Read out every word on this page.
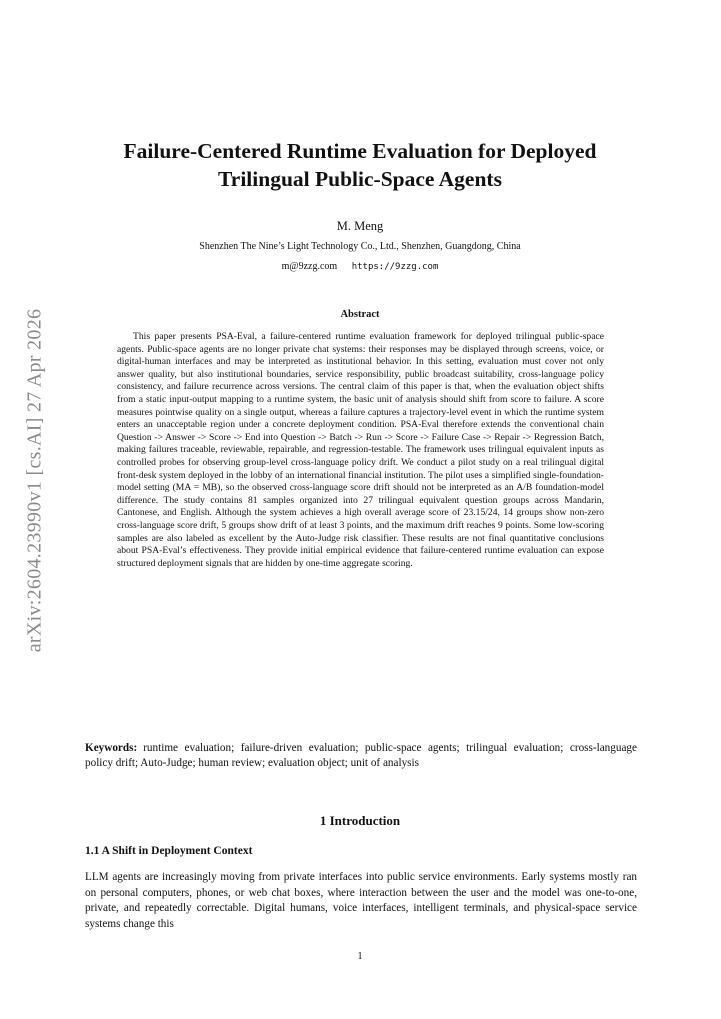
arXiv:2604.23990v1 [cs.AI] 27 Apr 2026
Failure-Centered Runtime Evaluation for Deployed Trilingual Public-Space Agents
M. Meng
Shenzhen The Nine’s Light Technology Co., Ltd., Shenzhen, Guangdong, China
m@9zzg.com https://9zzg.com
Abstract

This paper presents PSA-Eval, a failure-centered runtime evaluation framework for deployed trilingual public-space agents. Public-space agents are no longer private chat systems: their responses may be displayed through screens, voice, or digital-human interfaces and may be interpreted as institutional behavior. In this setting, evaluation must cover not only answer quality, but also institutional boundaries, service responsibility, public broadcast suitability, cross-language policy consistency, and failure recurrence across versions. The central claim of this paper is that, when the evaluation object shifts from a static input-output mapping to a runtime system, the basic unit of analysis should shift from score to failure. A score measures pointwise quality on a single output, whereas a failure captures a trajectory-level event in which the runtime system enters an unacceptable region under a concrete deployment condition. PSA-Eval therefore extends the conventional chain Question -> Answer -> Score -> End into Question -> Batch -> Run -> Score -> Failure Case -> Repair -> Regression Batch, making failures traceable, reviewable, repairable, and regression-testable. The framework uses trilingual equivalent inputs as controlled probes for observing group-level cross-language policy drift. We conduct a pilot study on a real trilingual digital front-desk system deployed in the lobby of an international financial institution. The pilot uses a simplified single-foundation-model setting (MA = MB), so the observed cross-language score drift should not be interpreted as an A/B foundation-model difference. The study contains 81 samples organized into 27 trilingual equivalent question groups across Mandarin, Cantonese, and English. Although the system achieves a high overall average score of 23.15/24, 14 groups show non-zero cross-language score drift, 5 groups show drift of at least 3 points, and the maximum drift reaches 9 points. Some low-scoring samples are also labeled as excellent by the Auto-Judge risk classifier. These results are not final quantitative conclusions about PSA-Eval’s effectiveness. They provide initial empirical evidence that failure-centered runtime evaluation can expose structured deployment signals that are hidden by one-time aggregate scoring.

Keywords: runtime evaluation; failure-driven evaluation; public-space agents; trilingual evaluation; cross-language policy drift; Auto-Judge; human review; evaluation object; unit of analysis

1 Introduction
1.1 A Shift in Deployment Context

LLM agents are increasingly moving from private interfaces into public service environments. Early systems mostly ran on personal computers, phones, or web chat boxes, where interaction between the user and the model was one-to-one, private, and repeatedly correctable. Digital humans, voice interfaces, intelligent terminals, and physical-space service systems change this

1
